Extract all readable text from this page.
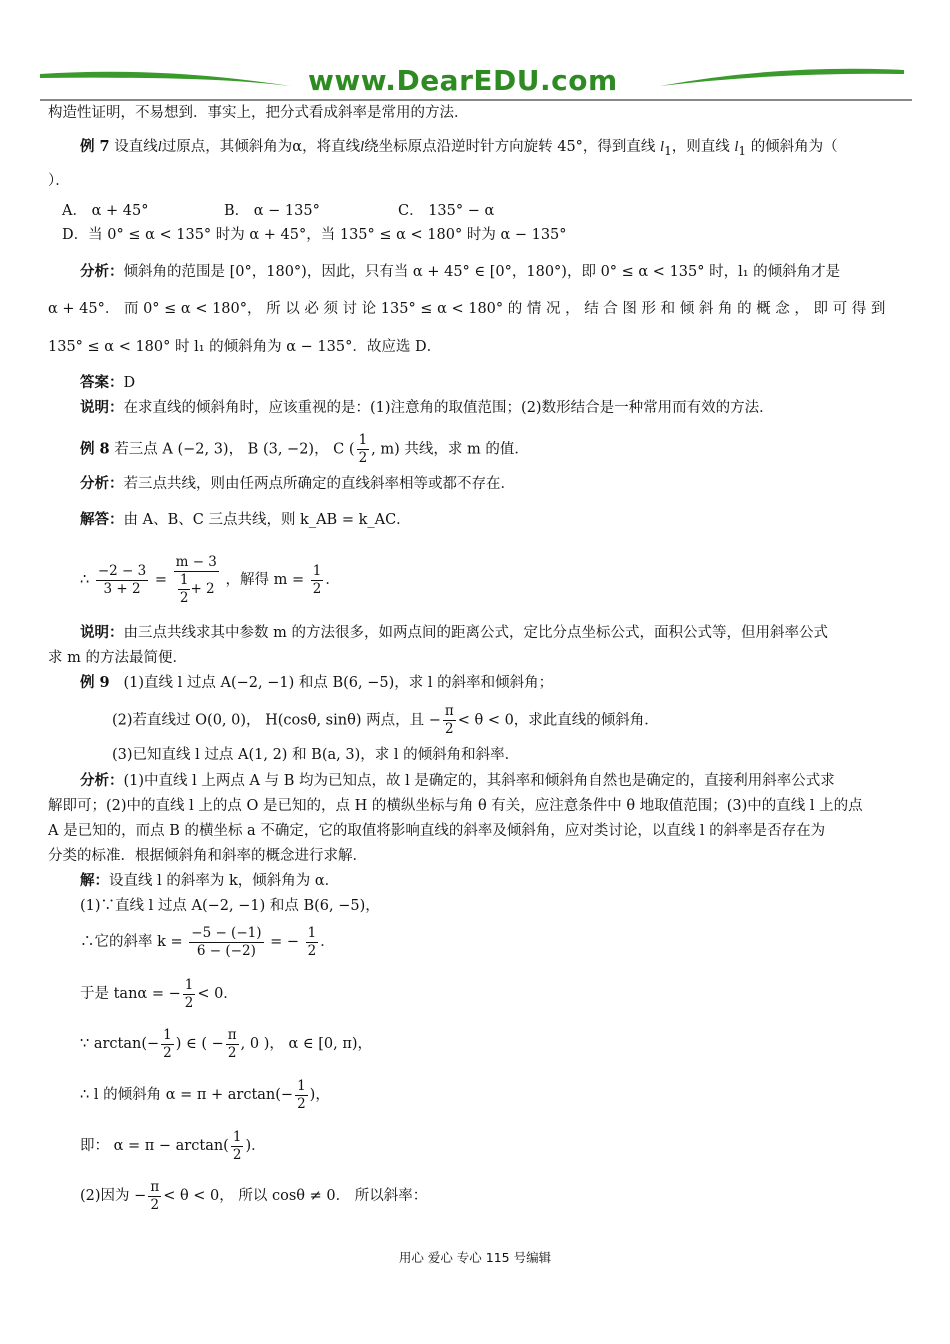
www.DearEDU.com
构造性证明，不易想到．事实上，把分式看成斜率是常用的方法．
例 7 设直线l过原点，其倾斜角为α，将直线l绕坐标原点沿逆时针方向旋转 45°，得到直线 $l_1$，则直线 $l_1$ 的倾斜角为（
）．
A． α + 45°	B． α − 135°	C． 135° − α
D．当 0° ≤ α < 135° 时为 α + 45°，当 135° ≤ α < 180° 时为 α − 135°
分析：倾斜角的范围是 [0°，180°)，因此，只有当 α + 45° ∈ [0°，180°)，即 0° ≤ α < 135° 时，l₁ 的倾斜角才是
α + 45°． 而 0° ≤ α < 180°， 所 以 必 须 讨 论 135° ≤ α < 180° 的 情 况 ， 结 合 图 形 和 倾 斜 角 的 概 念 ， 即 可 得 到
135° ≤ α < 180° 时 l₁ 的倾斜角为 α − 135°．故应选 D．
答案：D
说明：在求直线的倾斜角时，应该重视的是：(1)注意角的取值范围；(2)数形结合是一种常用而有效的方法．
例 8 若三点 A (−2, 3)， B (3, −2)， C ( $\frac{1}{2}$ , m) 共线，求 m 的值．
分析：若三点共线，则由任两点所确定的直线斜率相等或都不存在．
解答：由 A、B、C 三点共线，则 k_AB = k_AC．
∴ $\frac{-2 - 3}{3 + 2} = \frac{m - 3}{\frac{1}{2} + 2}$ ，解得 $m = \frac{1}{2}$ ．
说明：由三点共线求其中参数 m 的方法很多，如两点间的距离公式，定比分点坐标公式，面积公式等，但用斜率公式
求 m 的方法最简便．
例 9 (1)直线 l 过点 A(−2, −1) 和点 B(6, −5)，求 l 的斜率和倾斜角；
(2)若直线过 O(0, 0)， H(cosθ, sinθ) 两点，且 − $\frac{\pi}{2} < \theta < 0$，求此直线的倾斜角．
(3)已知直线 l 过点 A(1, 2) 和 B(a, 3)，求 l 的倾斜角和斜率．
分析：(1)中直线 l 上两点 A 与 B 均为已知点，故 l 是确定的，其斜率和倾斜角自然也是确定的，直接利用斜率公式求
解即可；(2)中的直线 l 上的点 O 是已知的，点 H 的横纵坐标与角 θ 有关，应注意条件中 θ 地取值范围；(3)中的直线 l 上的点
A 是已知的，而点 B 的横坐标 a 不确定，它的取值将影响直线的斜率及倾斜角，应对类讨论，以直线 l 的斜率是否存在为
分类的标准．根据倾斜角和斜率的概念进行求解．
解：设直线 l 的斜率为 k，倾斜角为 α．
(1)∵直线 l 过点 A(−2, −1) 和点 B(6, −5)，
∴它的斜率 $k = \frac{-5 - (-1)}{6 - (-2)}$ = − $\frac{1}{2}$ ．
于是 tanα = − $\frac{1}{2} < 0$．
∵ $\arctan(- \frac{1}{2}$ ) ∈ ( − $\frac{\pi}{2}$ , 0 )， α ∈ [0, π)，
∴ l 的倾斜角 $\alpha = \pi + \arctan(- \frac{1}{2}$ )，
即： $\alpha = \pi - \arctan( \frac{1}{2}$ )．
(2)因为 − $\frac{\pi}{2} < \theta < 0$， 所以 cosθ ≠ 0． 所以斜率：
用心 爱心 专心 115 号编辑
